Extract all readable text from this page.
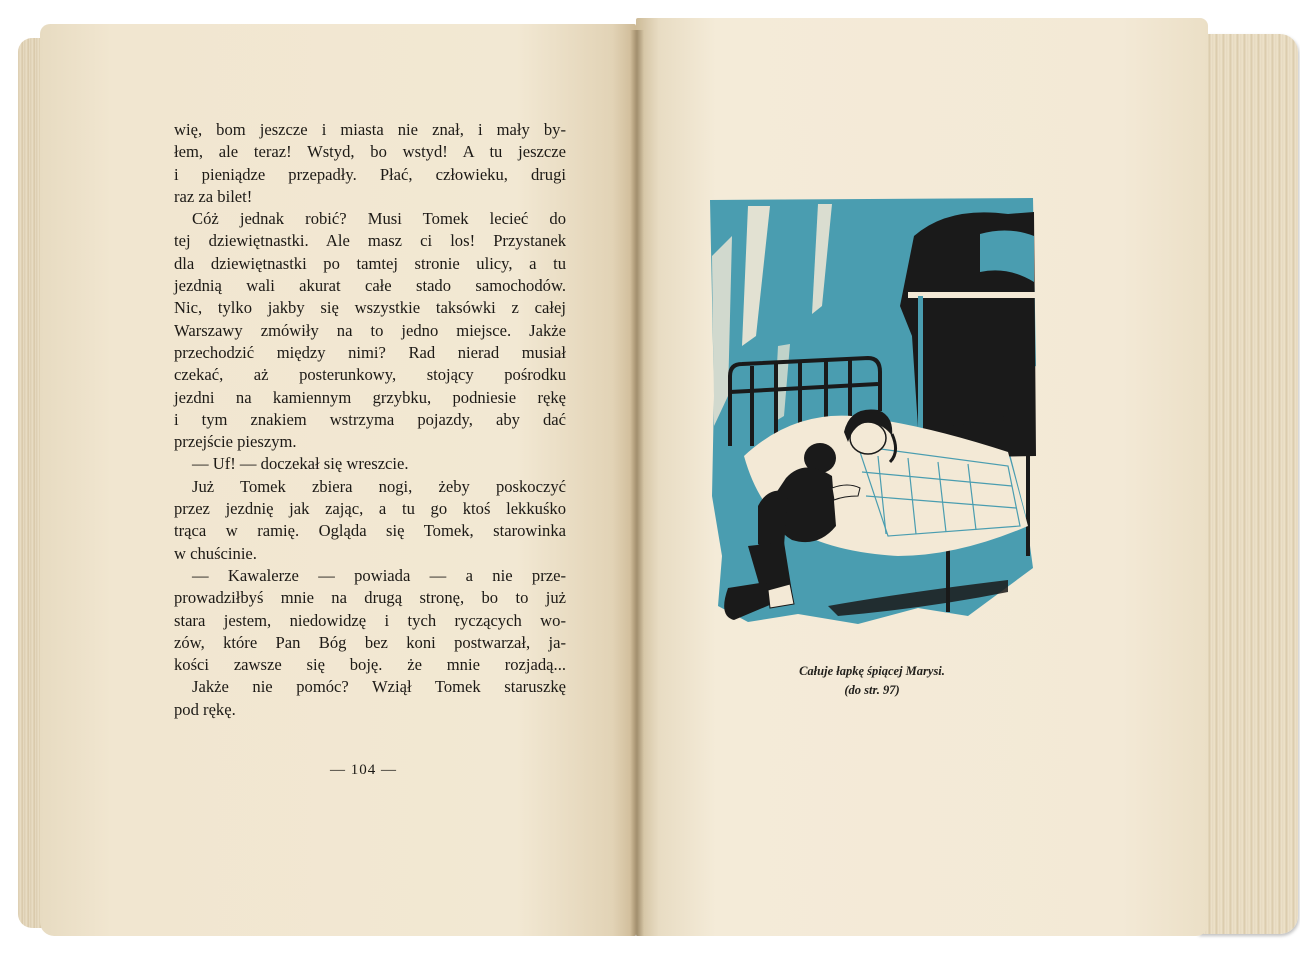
wię, bom jeszcze i miasta nie znał, i mały by-
łem, ale teraz! Wstyd, bo wstyd! A tu jeszcze
i pieniądze przepadły. Płać, człowieku, drugi
raz za bilet!
Cóż jednak robić? Musi Tomek lecieć do
tej dziewiętnastki. Ale masz ci los! Przystanek
dla dziewiętnastki po tamtej stronie ulicy, a tu
jezdnią wali akurat całe stado samochodów.
Nic, tylko jakby się wszystkie taksówki z całej
Warszawy zmówiły na to jedno miejsce. Jakże
przechodzić między nimi? Rad nierad musiał
czekać, aż posterunkowy, stojący pośrodku
jezdni na kamiennym grzybku, podniesie rękę
i tym znakiem wstrzyma pojazdy, aby dać
przejście pieszym.
— Uf! — doczekał się wreszcie.
Już Tomek zbiera nogi, żeby poskoczyć
przez jezdnię jak zając, a tu go ktoś lekkuśko
trąca w ramię. Ogląda się Tomek, starowinka
w chuścinie.
— Kawalerze — powiada — a nie prze-
prowadziłbyś mnie na drugą stronę, bo to już
stara jestem, niedowidzę i tych ryczących wo-
zów, które Pan Bóg bez koni postwarzał, ja-
kości zawsze się boję. że mnie rozjadą...
Jakże nie pomóc? Wziął Tomek staruszkę
pod rękę.
— 104 —
Całuje łapkę śpiącej Marysi.
(do str. 97)
